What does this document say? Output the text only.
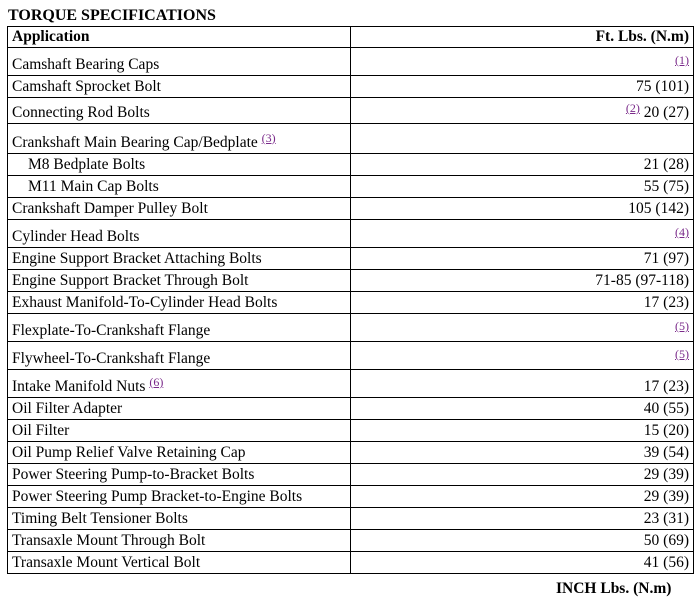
TORQUE SPECIFICATIONS
Application	Ft. Lbs. (N.m)
Camshaft Bearing Caps	$^{(1)}$
Camshaft Sprocket Bolt	75 (101)
Connecting Rod Bolts	$^{(2)}$ 20 (27)
Crankshaft Main Bearing Cap/Bedplate $^{(3)}$	
M8 Bedplate Bolts	21 (28)
M11 Main Cap Bolts	55 (75)
Crankshaft Damper Pulley Bolt	105 (142)
Cylinder Head Bolts	$^{(4)}$
Engine Support Bracket Attaching Bolts	71 (97)
Engine Support Bracket Through Bolt	71-85 (97-118)
Exhaust Manifold-To-Cylinder Head Bolts	17 (23)
Flexplate-To-Crankshaft Flange	$^{(5)}$
Flywheel-To-Crankshaft Flange	$^{(5)}$
Intake Manifold Nuts $^{(6)}$	17 (23)
Oil Filter Adapter	40 (55)
Oil Filter	15 (20)
Oil Pump Relief Valve Retaining Cap	39 (54)
Power Steering Pump-to-Bracket Bolts	29 (39)
Power Steering Pump Bracket-to-Engine Bolts	29 (39)
Timing Belt Tensioner Bolts	23 (31)
Transaxle Mount Through Bolt	50 (69)
Transaxle Mount Vertical Bolt	41 (56)
INCH Lbs. (N.m)
